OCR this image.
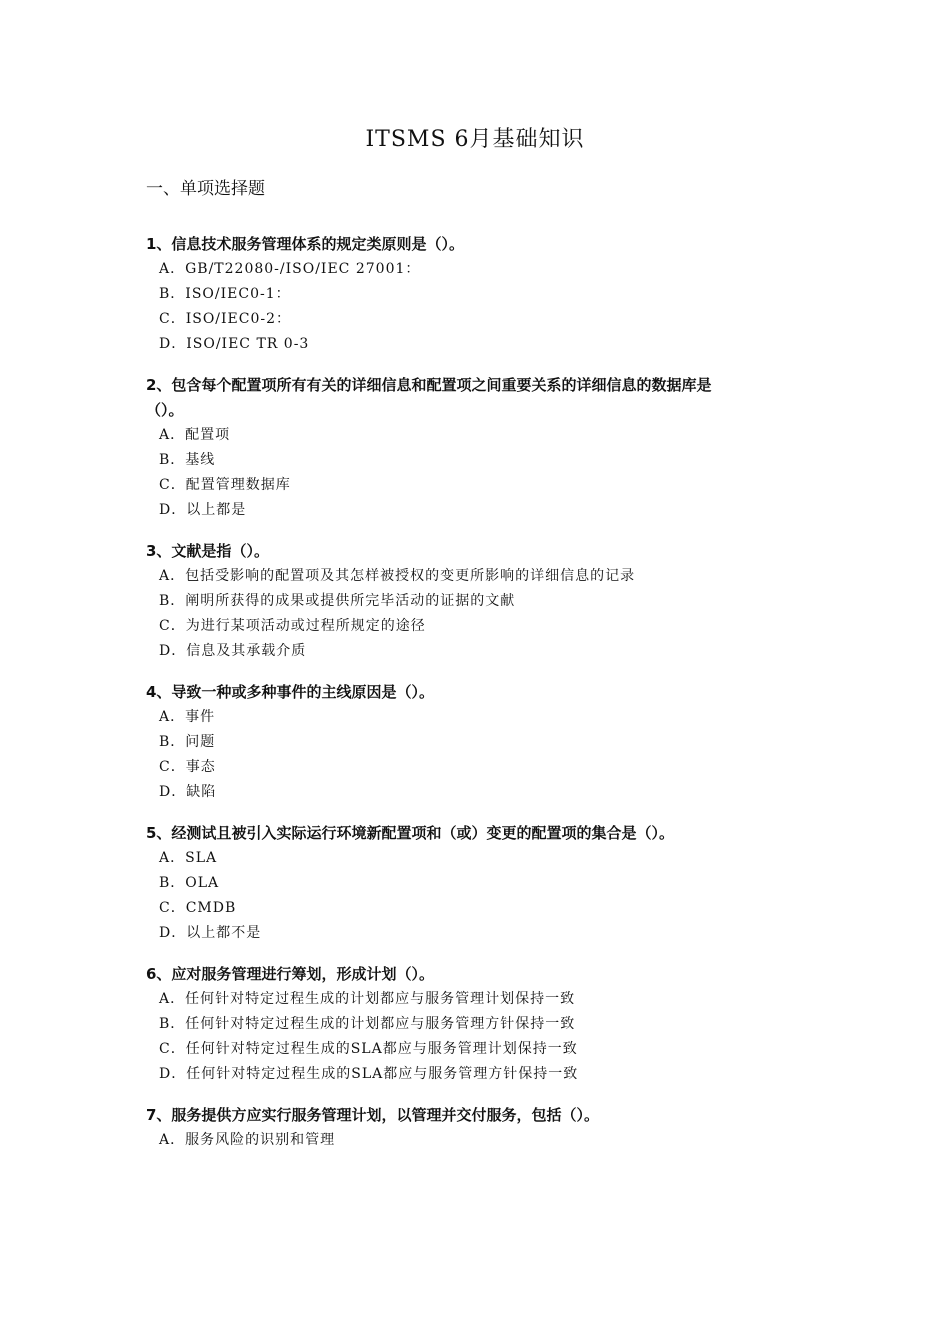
ITSMS 6月基础知识
一、单项选择题
1、信息技术服务管理体系的规定类原则是（）。
A．GB/T22080-/ISO/IEC 27001：
B．ISO/IEC0-1：
C．ISO/IEC0-2：
D．ISO/IEC TR 0-3
2、包含每个配置项所有有关的详细信息和配置项之间重要关系的详细信息的数据库是
（）。
A．配置项
B．基线
C．配置管理数据库
D．以上都是
3、文献是指（）。
A．包括受影响的配置项及其怎样被授权的变更所影响的详细信息的记录
B．阐明所获得的成果或提供所完毕活动的证据的文献
C．为进行某项活动或过程所规定的途径
D．信息及其承载介质
4、导致一种或多种事件的主线原因是（）。
A．事件
B．问题
C．事态
D．缺陷
5、经测试且被引入实际运行环境新配置项和（或）变更的配置项的集合是（）。
A．SLA
B．OLA
C．CMDB
D．以上都不是
6、应对服务管理进行筹划，形成计划（）。
A．任何针对特定过程生成的计划都应与服务管理计划保持一致
B．任何针对特定过程生成的计划都应与服务管理方针保持一致
C．任何针对特定过程生成的SLA都应与服务管理计划保持一致
D．任何针对特定过程生成的SLA都应与服务管理方针保持一致
7、服务提供方应实行服务管理计划，以管理并交付服务，包括（）。
A．服务风险的识别和管理
